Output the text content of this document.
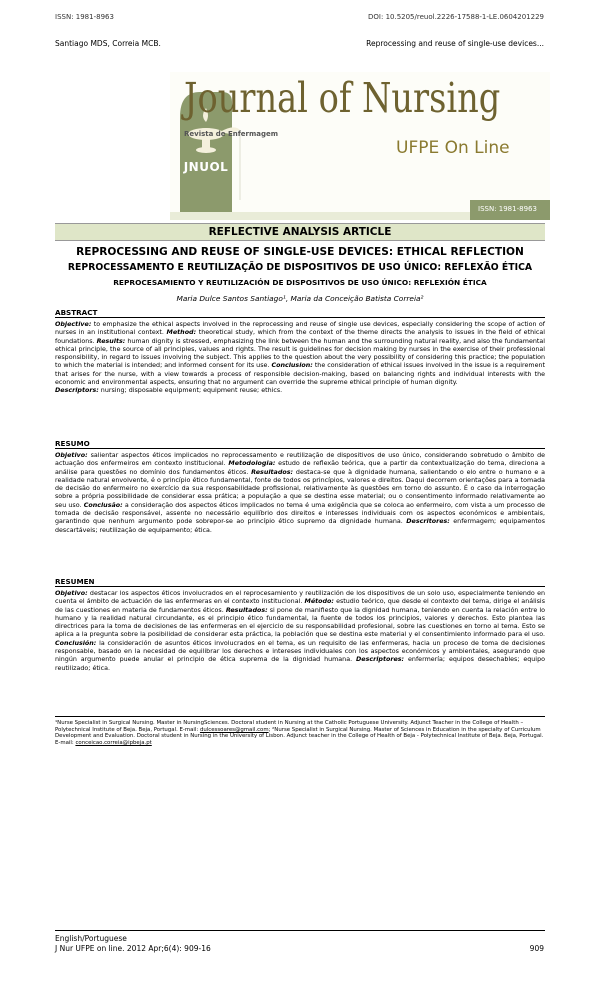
ISSN: 1981-8963	DOI: 10.5205/reuol.2226-17588-1-LE.0604201229
Santiago MDS, Correia MCB.	Reprocessing and reuse of single-use devices...
JNUOL
Journal of Nursing
Revista de Enfermagem
UFPE On Line
ISSN: 1981-8963
REFLECTIVE ANALYSIS ARTICLE
REPROCESSING AND REUSE OF SINGLE-USE DEVICES: ETHICAL REFLECTION
REPROCESSAMENTO E REUTILIZAÇÃO DE DISPOSITIVOS DE USO ÚNICO: REFLEXÃO ÉTICA
REPROCESAMIENTO Y REUTILIZACIÓN DE DISPOSITIVOS DE USO ÚNICO: REFLEXIÓN ÉTICA
Maria Dulce Santos Santiago¹, Maria da Conceição Batista Correia²
ABSTRACT
Objective: to emphasize the ethical aspects involved in the reprocessing and reuse of single use devices, especially considering the scope of action of nurses in an institutional context. Method: theoretical study, which from the context of the theme directs the analysis to issues in the field of ethical foundations. Results: human dignity is stressed, emphasizing the link between the human and the surrounding natural reality, and also the fundamental ethical principle, the source of all principles, values and rights. The result is guidelines for decision making by nurses in the exercise of their professional responsibility, in regard to issues involving the subject. This applies to the question about the very possibility of considering this practice; the population to which the material is intended; and informed consent for its use. Conclusion: the consideration of ethical issues involved in the issue is a requirement that arises for the nurse, with a view towards a process of responsible decision-making, based on balancing rights and individual interests with the economic and environmental aspects, ensuring that no argument can override the supreme ethical principle of human dignity.
Descriptors: nursing; disposable equipment; equipment reuse; ethics.
RESUMO
Objetivo: salientar aspectos éticos implicados no reprocessamento e reutilização de dispositivos de uso único, considerando sobretudo o âmbito de actuação dos enfermeiros em contexto institucional. Metodologia: estudo de reflexão teórica, que a partir da contextualização do tema, direciona a análise para questões no domínio dos fundamentos éticos. Resultados: destaca-se que à dignidade humana, salientando o elo entre o humano e a realidade natural envolvente, é o princípio ético fundamental, fonte de todos os princípios, valores e direitos. Daqui decorrem orientações para a tomada de decisão do enfermeiro no exercício da sua responsabilidade profissional, relativamente às questões em torno do assunto. É o caso da interrogação sobre a própria possibilidade de considerar essa prática; a população a que se destina esse material; ou o consentimento informado relativamente ao seu uso. Conclusão: a consideração dos aspectos éticos implicados no tema é uma exigência que se coloca ao enfermeiro, com vista a um processo de tomada de decisão responsável, assente no necessário equilíbrio dos direitos e interesses individuais com os aspectos económicos e ambientais, garantindo que nenhum argumento pode sobrepor-se ao princípio ético supremo da dignidade humana. Descritores: enfermagem; equipamentos descartáveis; reutilização de equipamento; ética.
RESUMEN
Objetivo: destacar los aspectos éticos involucrados en el reprocesamiento y reutilización de los dispositivos de un solo uso, especialmente teniendo en cuenta el ámbito de actuación de las enfermeras en el contexto institucional. Método: estudio teórico, que desde el contexto del tema, dirige el análisis de las cuestiones en materia de fundamentos éticos. Resultados: si pone de manifiesto que la dignidad humana, teniendo en cuenta la relación entre lo humano y la realidad natural circundante, es el principio ético fundamental, la fuente de todos los principios, valores y derechos. Esto plantea las directrices para la toma de decisiones de las enfermeras en el ejercicio de su responsabilidad profesional, sobre las cuestiones en torno al tema. Esto se aplica a la pregunta sobre la posibilidad de considerar esta práctica, la población que se destina este material y el consentimiento informado para el uso. Conclusión: la consideración de asuntos éticos involucrados en el tema, es un requisito de las enfermeras, hacia un proceso de toma de decisiones responsable, basado en la necesidad de equilibrar los derechos e intereses individuales con los aspectos económicos y ambientales, asegurando que ningún argumento puede anular el principio de ética suprema de la dignidad humana. Descriptores: enfermería; equipos desechables; equipo reutilizado; ética.
¹Nurse Specialist in Surgical Nursing. Master in NursingSciences. Doctoral student in Nursing at the Catholic Portuguese University. Adjunct Teacher in the College of Health – Polytechnical Institute of Beja. Beja, Portugal. E-mail: dulcessoares@gmail.com; ²Nurse Specialist in Surgical Nursing. Master of Sciences in Education in the specialty of Curriculum Development and Evaluation. Doctoral student in Nursing in the University of Lisbon. Adjunct teacher in the College of Health of Beja - Polytechnical Institute of Beja. Beja, Portugal. E-mail: conceicao.correia@ipbeja.pt
English/Portuguese
J Nur UFPE on line. 2012 Apr;6(4): 909-16	909
